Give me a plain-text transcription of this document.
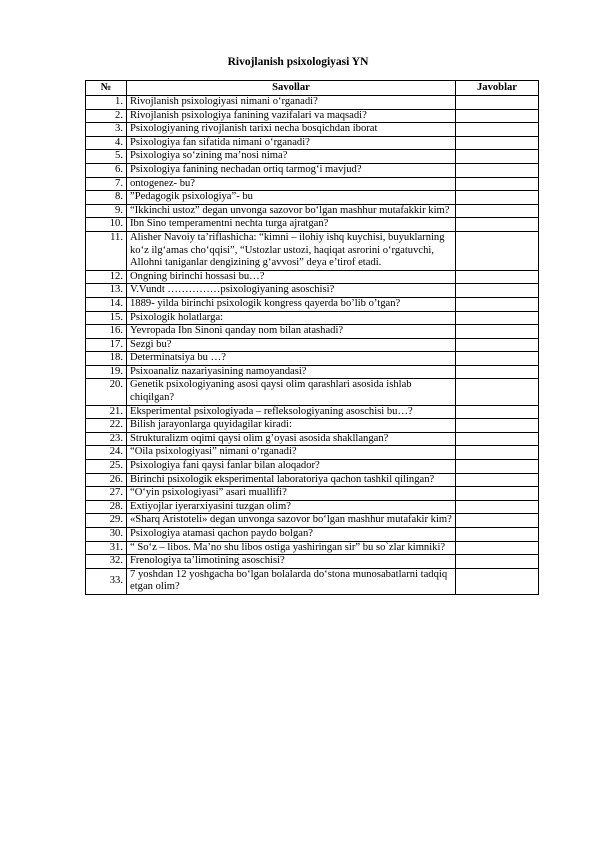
Rivojlanish psixologiyasi YN
№	Savollar	Javoblar
1.	Rivojlanish psixologiyasi nimani o‘rganadi?	
2.	Rivojlanish psixologiya fanining vazifalari va maqsadi?	
3.	Psixologiyaning rivojlanish tarixi necha bosqichdan iborat	
4.	Psixologiya fan sifatida nimani o‘rganadi?	
5.	Psixologiya so‘zining ma’nosi nima?	
6.	Psixologiya fanining nechadan ortiq tarmog‘i mavjud?	
7.	ontogenez- bu?	
8.	”Pedagogik psixologiya”- bu	
9.	“Ikkinchi ustoz” degan unvonga sazovor bo‘lgan mashhur mutafakkir kim?	
10.	Ibn Sino temperamentni nechta turga ajratgan?	
11.	Alisher Navoiy ta’riflashicha: “kimni – ilohiy ishq kuychisi, buyuklarning ko‘z ilg‘amas cho‘qqisi”, “Ustozlar ustozi, haqiqat asrorini o‘rgatuvchi, Allohni taniganlar dengizining g‘avvosi” deya e’tirof etadi.	
12.	Ongning birinchi hossasi bu…?	
13.	V.Vundt ……………psixologiyaning asoschisi?	
14.	1889- yilda birinchi psixologik kongress qayerda bo’lib o’tgan?	
15.	Psixologik holatlarga:	
16.	Yevropada Ibn Sinoni qanday nom bilan atashadi?	
17.	Sezgi bu?	
18.	Determinatsiya bu …?	
19.	Psixoanaliz nazariyasining namoyandasi?	
20.	Genetik psixologiyaning asosi qaysi olim qarashlari asosida ishlab chiqilgan?	
21.	Eksperimental psixologiyada – refleksologiyaning asoschisi bu…?	
22.	Bilish jarayonlarga quyidagilar kiradi:	
23.	Strukturalizm oqimi qaysi olim g’oyasi asosida shakllangan?	
24.	“Oila psixologiyasi” nimani o‘rganadi?	
25.	Psixologiya fani qaysi fanlar bilan aloqador?	
26.	Birinchi psixologik eksperimental laboratoriya qachon tashkil qilingan?	
27.	“O‘yin psixologiyasi” asari muallifi?	
28.	Extiyojlar iyerarxiyasini tuzgan olim?	
29.	«Sharq Aristoteli» degan unvonga sazovor bo‘lgan mashhur mutafakir kim?	
30.	Psixologiya atamasi qachon paydo bolgan?	
31.	“ So‘z – libos. Ma’no shu libos ostiga yashiringan sir” bu so`zlar kimniki?	
32.	Frenologiya ta’limotining asoschisi?	
33.	7 yoshdan 12 yoshgacha bo‘lgan bolalarda do‘stona munosabatlarni tadqiq etgan olim?	
